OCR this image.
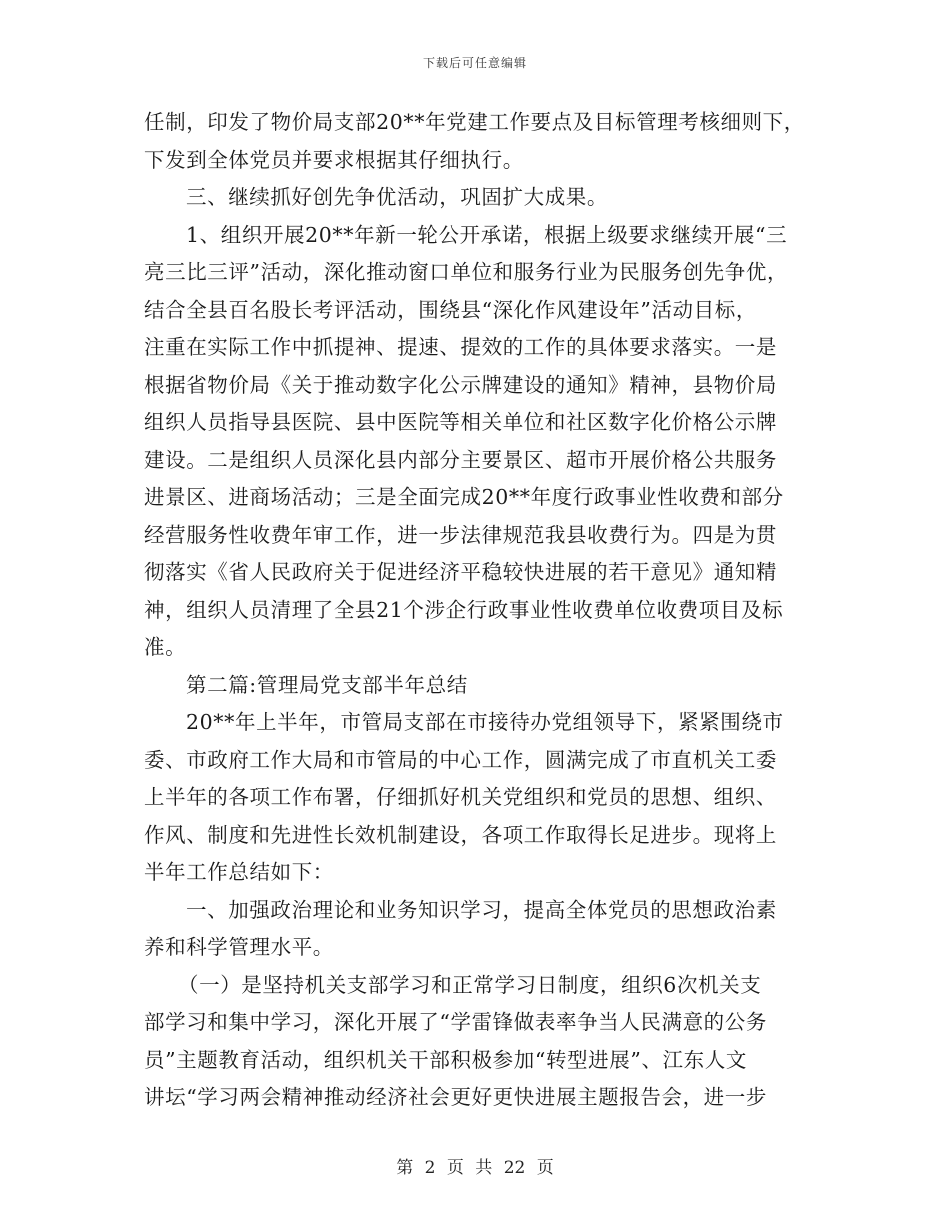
下载后可任意编辑
任制，印发了物价局支部20**年党建工作要点及目标管理考核细则下，
下发到全体党员并要求根据其仔细执行。
三、继续抓好创先争优活动，巩固扩大成果。
1、组织开展20**年新一轮公开承诺，根据上级要求继续开展“三
亮三比三评”活动，深化推动窗口单位和服务行业为民服务创先争优，
结合全县百名股长考评活动，围绕县“深化作风建设年”活动目标，
注重在实际工作中抓提神、提速、提效的工作的具体要求落实。一是
根据省物价局《关于推动数字化公示牌建设的通知》精神，县物价局
组织人员指导县医院、县中医院等相关单位和社区数字化价格公示牌
建设。二是组织人员深化县内部分主要景区、超市开展价格公共服务
进景区、进商场活动；三是全面完成20**年度行政事业性收费和部分
经营服务性收费年审工作，进一步法律规范我县收费行为。四是为贯
彻落实《省人民政府关于促进经济平稳较快进展的若干意见》通知精
神，组织人员清理了全县21个涉企行政事业性收费单位收费项目及标
准。
第二篇:管理局党支部半年总结
20**年上半年，市管局支部在市接待办党组领导下，紧紧围绕市
委、市政府工作大局和市管局的中心工作，圆满完成了市直机关工委
上半年的各项工作布署，仔细抓好机关党组织和党员的思想、组织、
作风、制度和先进性长效机制建设，各项工作取得长足进步。现将上
半年工作总结如下：
一、加强政治理论和业务知识学习，提高全体党员的思想政治素
养和科学管理水平。
（一）是坚持机关支部学习和正常学习日制度，组织6次机关支
部学习和集中学习，深化开展了“学雷锋做表率争当人民满意的公务
员”主题教育活动，组织机关干部积极参加“转型进展”、江东人文
讲坛“学习两会精神推动经济社会更好更快进展主题报告会，进一步
第 2 页 共 22 页
